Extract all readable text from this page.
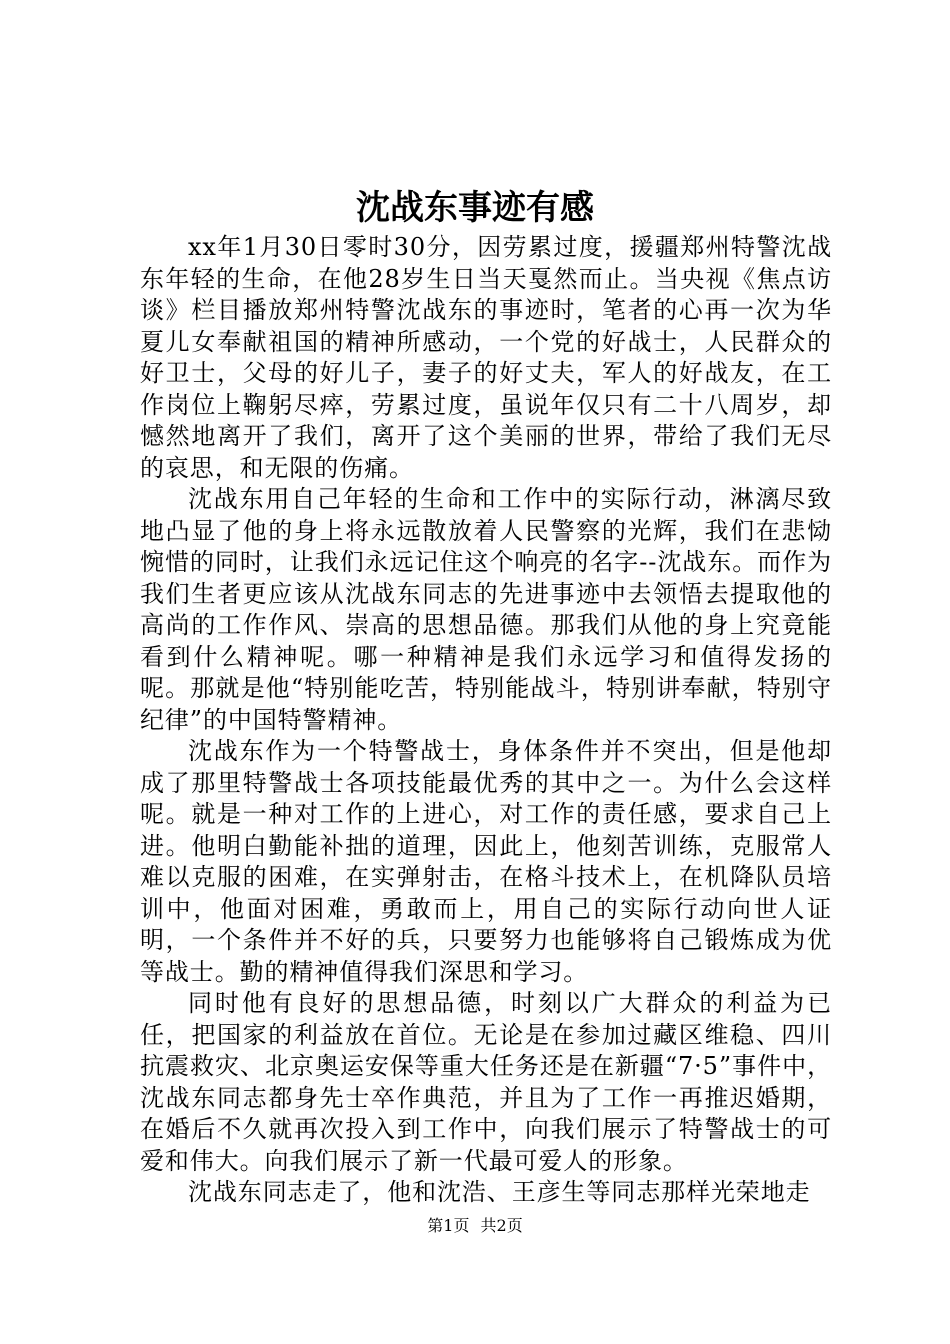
沈战东事迹有感

xx年1月30日零时30分，因劳累过度，援疆郑州特警沈战东年轻的生命，在他28岁生日当天戛然而止。当央视《焦点访谈》栏目播放郑州特警沈战东的事迹时，笔者的心再一次为华夏儿女奉献祖国的精神所感动，一个党的好战士，人民群众的好卫士，父母的好儿子，妻子的好丈夫，军人的好战友，在工作岗位上鞠躬尽瘁，劳累过度，虽说年仅只有二十八周岁，却憾然地离开了我们，离开了这个美丽的世界，带给了我们无尽的哀思，和无限的伤痛。

沈战东用自己年轻的生命和工作中的实际行动，淋漓尽致地凸显了他的身上将永远散放着人民警察的光辉，我们在悲恸惋惜的同时，让我们永远记住这个响亮的名字--沈战东。而作为我们生者更应该从沈战东同志的先进事迹中去领悟去提取他的高尚的工作作风、崇高的思想品德。那我们从他的身上究竟能看到什么精神呢。哪一种精神是我们永远学习和值得发扬的呢。那就是他“特别能吃苦，特别能战斗，特别讲奉献，特别守纪律”的中国特警精神。

沈战东作为一个特警战士，身体条件并不突出，但是他却成了那里特警战士各项技能最优秀的其中之一。为什么会这样呢。就是一种对工作的上进心，对工作的责任感，要求自己上进。他明白勤能补拙的道理，因此上，他刻苦训练，克服常人难以克服的困难，在实弹射击，在格斗技术上，在机降队员培训中，他面对困难，勇敢而上，用自己的实际行动向世人证明，一个条件并不好的兵，只要努力也能够将自己锻炼成为优等战士。勤的精神值得我们深思和学习。

同时他有良好的思想品德，时刻以广大群众的利益为已任，把国家的利益放在首位。无论是在参加过藏区维稳、四川抗震救灾、北京奥运安保等重大任务还是在新疆“7·5”事件中，沈战东同志都身先士卒作典范，并且为了工作一再推迟婚期，在婚后不久就再次投入到工作中，向我们展示了特警战士的可爱和伟大。向我们展示了新一代最可爱人的形象。

沈战东同志走了，他和沈浩、王彦生等同志那样光荣地走

第1页 共2页
